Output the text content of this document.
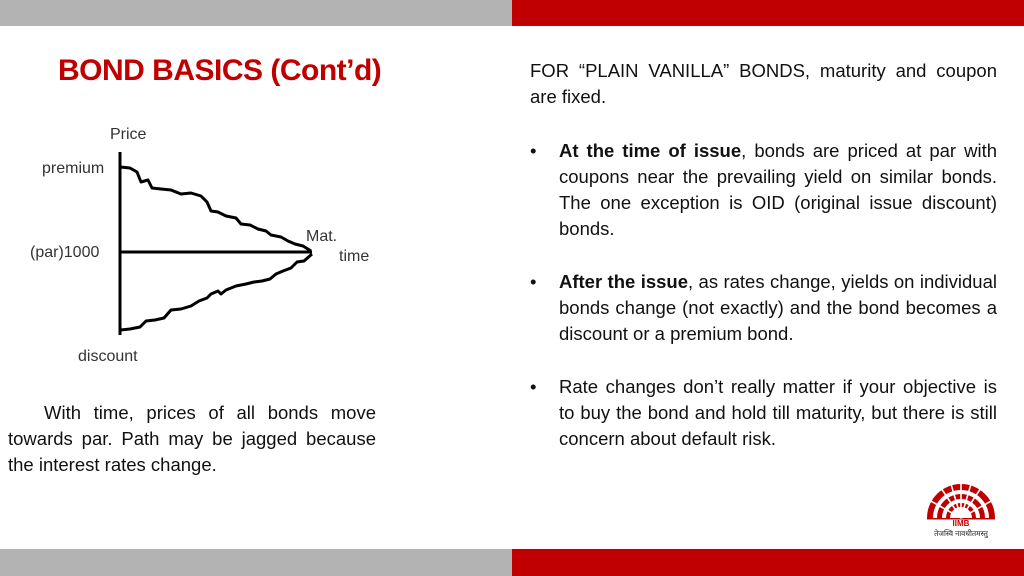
BOND BASICS (Cont’d)
Price
premium
(par)1000
discount
Mat.
time
With time, prices of all bonds move towards par. Path may be jagged because the interest rates change.

FOR “PLAIN VANILLA” BONDS, maturity and coupon are fixed.

• At the time of issue, bonds are priced at par with coupons near the prevailing yield on similar bonds. The one exception is OID (original issue discount) bonds.
• After the issue, as rates change, yields on individual bonds change (not exactly) and the bond becomes a discount or a premium bond.
• Rate changes don’t really matter if your objective is to buy the bond and hold till maturity, but there is still concern about default risk.
IIMB
तेजस्वि नावधीतमस्तु
